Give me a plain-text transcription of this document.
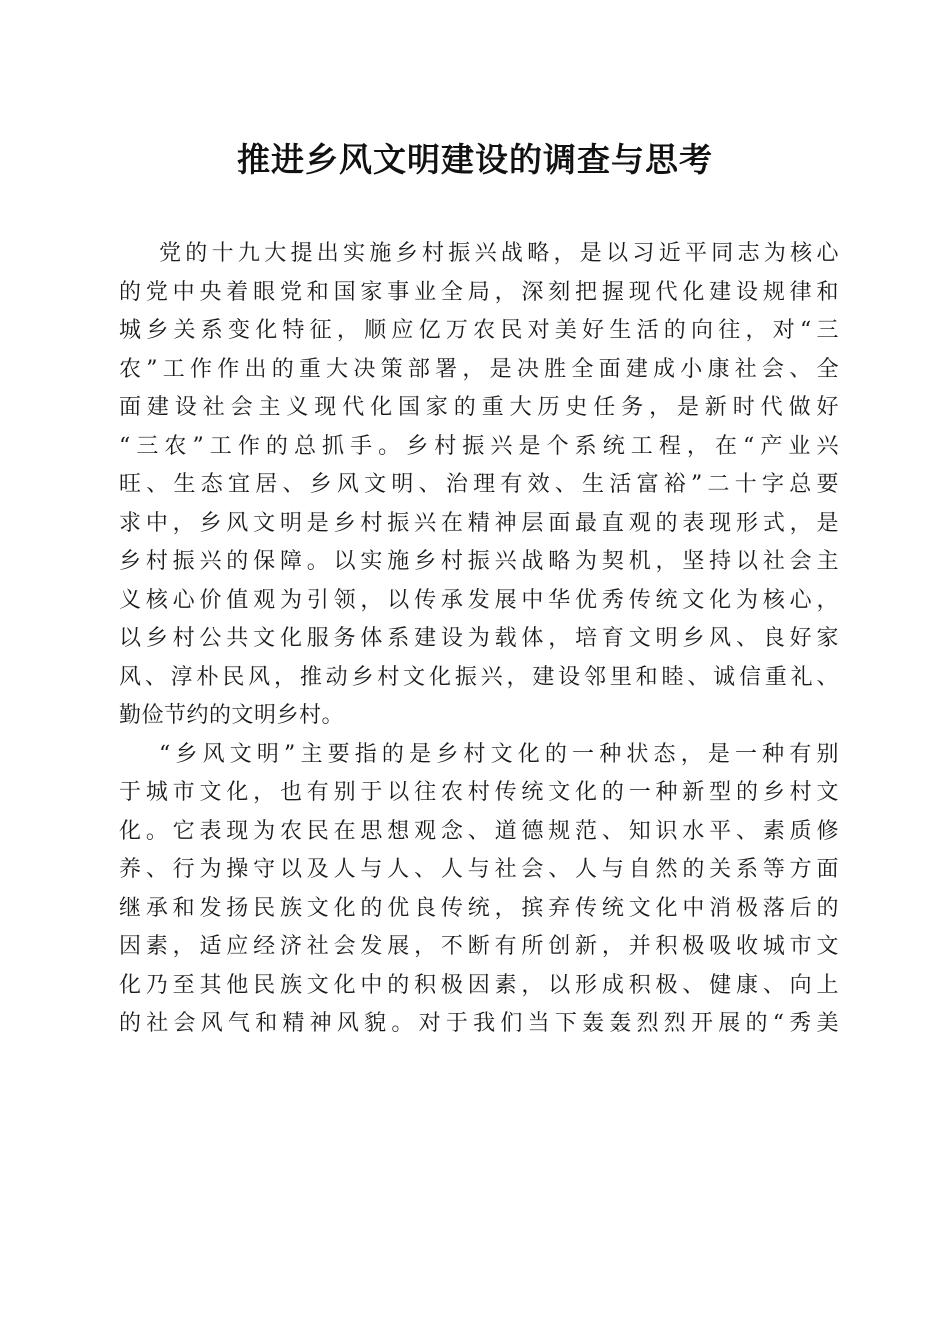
推进乡风文明建设的调查与思考
党的十九大提出实施乡村振兴战略，是以习近平同志为核心
的党中央着眼党和国家事业全局，深刻把握现代化建设规律和
城乡关系变化特征，顺应亿万农民对美好生活的向往，对“三
农”工作作出的重大决策部署，是决胜全面建成小康社会、全
面建设社会主义现代化国家的重大历史任务，是新时代做好
“三农”工作的总抓手。乡村振兴是个系统工程，在“产业兴
旺、生态宜居、乡风文明、治理有效、生活富裕”二十字总要
求中，乡风文明是乡村振兴在精神层面最直观的表现形式，是
乡村振兴的保障。以实施乡村振兴战略为契机，坚持以社会主
义核心价值观为引领，以传承发展中华优秀传统文化为核心，
以乡村公共文化服务体系建设为载体，培育文明乡风、良好家
风、淳朴民风，推动乡村文化振兴，建设邻里和睦、诚信重礼、
勤俭节约的文明乡村。
“乡风文明”主要指的是乡村文化的一种状态，是一种有别
于城市文化，也有别于以往农村传统文化的一种新型的乡村文
化。它表现为农民在思想观念、道德规范、知识水平、素质修
养、行为操守以及人与人、人与社会、人与自然的关系等方面
继承和发扬民族文化的优良传统，摈弃传统文化中消极落后的
因素，适应经济社会发展，不断有所创新，并积极吸收城市文
化乃至其他民族文化中的积极因素，以形成积极、健康、向上
的社会风气和精神风貌。对于我们当下轰轰烈烈开展的“秀美
